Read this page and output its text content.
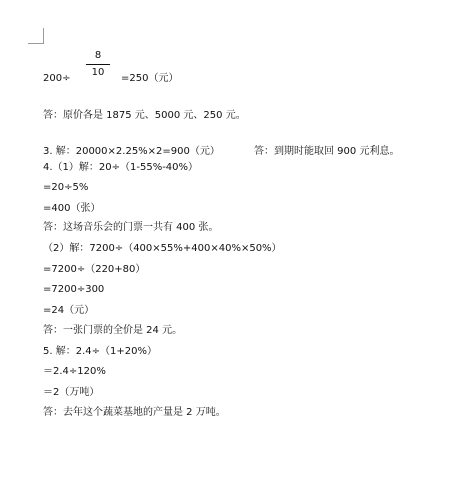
200÷
8
10
=250（元）
答：原价各是 1875 元、5000 元、250 元。
3. 解：20000×2.25%×2=900（元）	答：到期时能取回 900 元利息。
4.（1）解：20÷（1-55%-40%）
=20÷5%
=400（张）
答：这场音乐会的门票一共有 400 张。
（2）解：7200÷（400×55%+400×40%×50%）
=7200÷（220+80）
=7200÷300
=24（元）
答：一张门票的全价是 24 元。
5. 解：2.4÷（1+20%）
＝2.4÷120%
＝2（万吨）
答：去年这个蔬菜基地的产量是 2 万吨。
